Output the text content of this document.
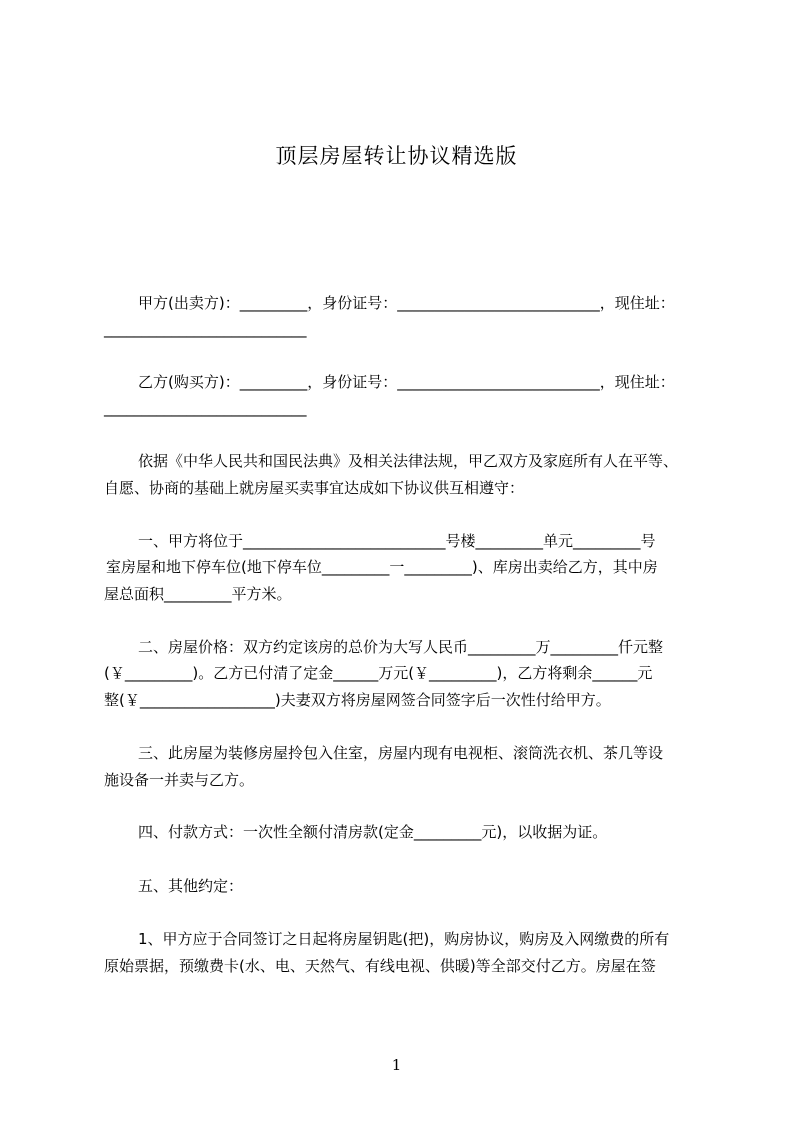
顶层房屋转让协议精选版
甲方(出卖方)：_________，身份证号：___________________________，现住址：
___________________________
乙方(购买方)：_________，身份证号：___________________________，现住址：
___________________________
依据《中华人民共和国民法典》及相关法律法规，甲乙双方及家庭所有人在平等、
自愿、协商的基础上就房屋买卖事宜达成如下协议供互相遵守：
一、甲方将位于___________________________号楼_________单元_________号
室房屋和地下停车位(地下停车位_________一_________)、库房出卖给乙方，其中房
屋总面积_________平方米。
二、房屋价格：双方约定该房的总价为大写人民币_________万_________仟元整
(￥_________)。乙方已付清了定金______万元(￥_________)，乙方将剩余______元
整(￥__________________)夫妻双方将房屋网签合同签字后一次性付给甲方。
三、此房屋为装修房屋拎包入住室，房屋内现有电视柜、滚筒洗衣机、茶几等设
施设备一并卖与乙方。
四、付款方式：一次性全额付清房款(定金_________元)，以收据为证。
五、其他约定：
1、甲方应于合同签订之日起将房屋钥匙(把)，购房协议，购房及入网缴费的所有
原始票据，预缴费卡(水、电、天然气、有线电视、供暖)等全部交付乙方。房屋在签
1
